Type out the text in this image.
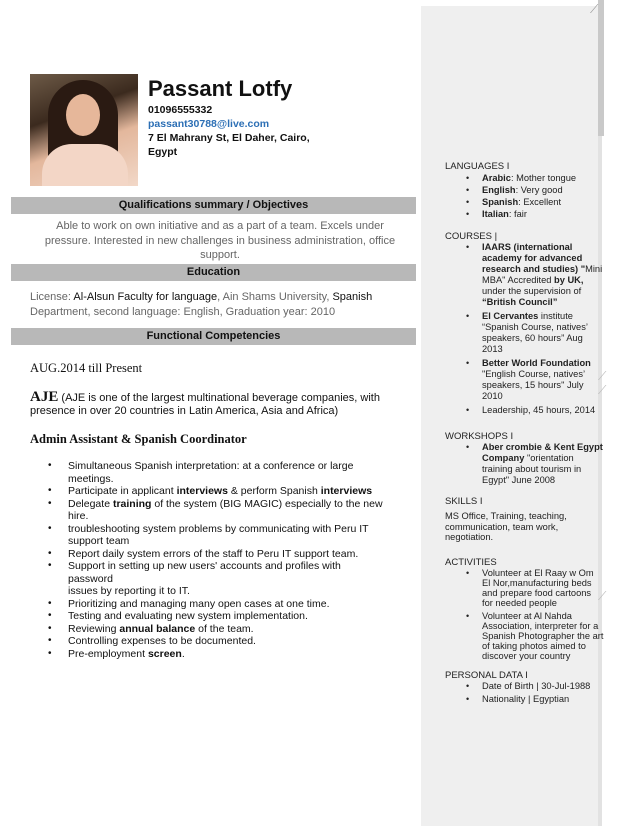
⟋
⟋
⟋
⟋
Passant Lotfy
01096555332
passant30788@live.com
7 El Mahrany St, El Daher, Cairo,
Egypt
Qualifications summary / Objectives
Able to work on own initiative and as a part of a team. Excels under
pressure. Interested in new challenges in business administration, office
support.
Education
License: Al-Alsun Faculty for language, Ain Shams University, Spanish
Department, second language: English, Graduation year: 2010
Functional Competencies
AUG.2014 till Present
AJE (AJE is one of the largest multinational beverage companies, with
presence in over 20 countries in Latin America, Asia and Africa)
Admin Assistant & Spanish Coordinator
• Simultaneous Spanish interpretation: at a conference or large
meetings.
• Participate in applicant interviews & perform Spanish interviews
• Delegate training of the system (BIG MAGIC) especially to the new
hire.
• troubleshooting system problems by communicating with Peru IT
support team
• Report daily system errors of the staff to Peru IT support team.
• Support in setting up new users' accounts and profiles with password
issues by reporting it to IT.
• Prioritizing and managing many open cases at one time.
• Testing and evaluating new system implementation.
• Reviewing annual balance of the team.
• Controlling expenses to be documented.
• Pre-employment screen.
LANGUAGES I
• Arabic: Mother tongue
• English: Very good
• Spanish: Excellent
• Italian: fair
COURSES |
• IAARS (international academy for advanced research and studies) "Mini MBA" Accredited by UK, under the supervision of “British Council”
• El Cervantes institute “Spanish Course, natives’ speakers, 60 hours” Aug 2013
• Better World Foundation "English Course, natives’ speakers, 15 hours" July 2010
• Leadership, 45 hours, 2014
WORKSHOPS I
• Aber crombie & Kent Egypt Company "orientation training about tourism in Egypt" June 2008
SKILLS I
MS Office, Training, teaching, communication, team work, negotiation.
ACTIVITIES
• Volunteer at El Raay w Om El Nor,manufacturing beds and prepare food cartoons for needed people
• Volunteer at Al Nahda Association, interpreter for a Spanish Photographer the art of taking photos aimed to discover your country
PERSONAL DATA I
• Date of Birth | 30-Jul-1988
• Nationality | Egyptian
